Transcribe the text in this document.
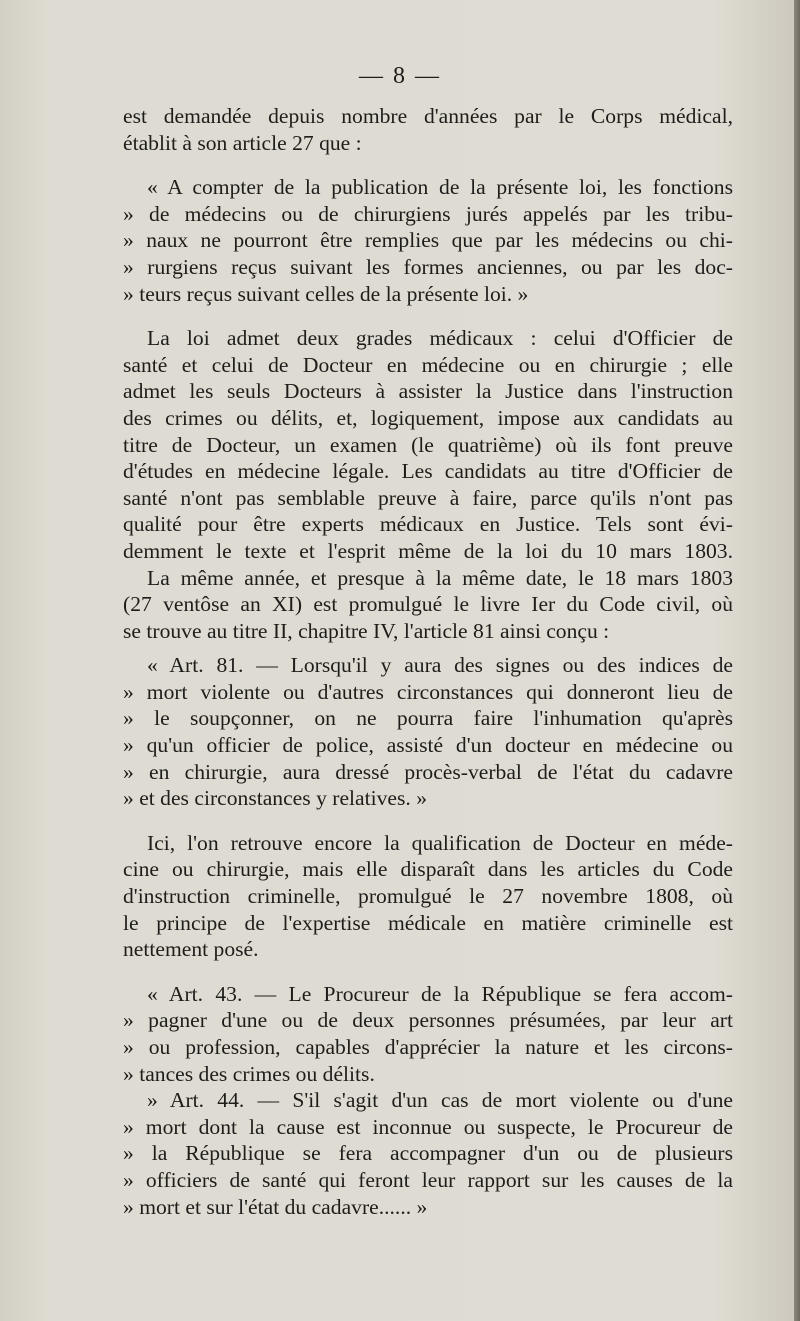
— 8 —
est demandée depuis nombre d'années par le Corps médical,
établit à son article 27 que :
« A compter de la publication de la présente loi, les fonctions
» de médecins ou de chirurgiens jurés appelés par les tribu-
» naux ne pourront être remplies que par les médecins ou chi-
» rurgiens reçus suivant les formes anciennes, ou par les doc-
» teurs reçus suivant celles de la présente loi. »
La loi admet deux grades médicaux : celui d'Officier de
santé et celui de Docteur en médecine ou en chirurgie ; elle
admet les seuls Docteurs à assister la Justice dans l'instruction
des crimes ou délits, et, logiquement, impose aux candidats au
titre de Docteur, un examen (le quatrième) où ils font preuve
d'études en médecine légale. Les candidats au titre d'Officier de
santé n'ont pas semblable preuve à faire, parce qu'ils n'ont pas
qualité pour être experts médicaux en Justice. Tels sont évi-
demment le texte et l'esprit même de la loi du 10 mars 1803.
La même année, et presque à la même date, le 18 mars 1803
(27 ventôse an XI) est promulgué le livre Ier du Code civil, où
se trouve au titre II, chapitre IV, l'article 81 ainsi conçu :
« Art. 81. — Lorsqu'il y aura des signes ou des indices de
» mort violente ou d'autres circonstances qui donneront lieu de
» le soupçonner, on ne pourra faire l'inhumation qu'après
» qu'un officier de police, assisté d'un docteur en médecine ou
» en chirurgie, aura dressé procès-verbal de l'état du cadavre
» et des circonstances y relatives. »
Ici, l'on retrouve encore la qualification de Docteur en méde-
cine ou chirurgie, mais elle disparaît dans les articles du Code
d'instruction criminelle, promulgué le 27 novembre 1808, où
le principe de l'expertise médicale en matière criminelle est
nettement posé.
« Art. 43. — Le Procureur de la République se fera accom-
» pagner d'une ou de deux personnes présumées, par leur art
» ou profession, capables d'apprécier la nature et les circons-
» tances des crimes ou délits.
» Art. 44. — S'il s'agit d'un cas de mort violente ou d'une
» mort dont la cause est inconnue ou suspecte, le Procureur de
» la République se fera accompagner d'un ou de plusieurs
» officiers de santé qui feront leur rapport sur les causes de la
» mort et sur l'état du cadavre...... »
